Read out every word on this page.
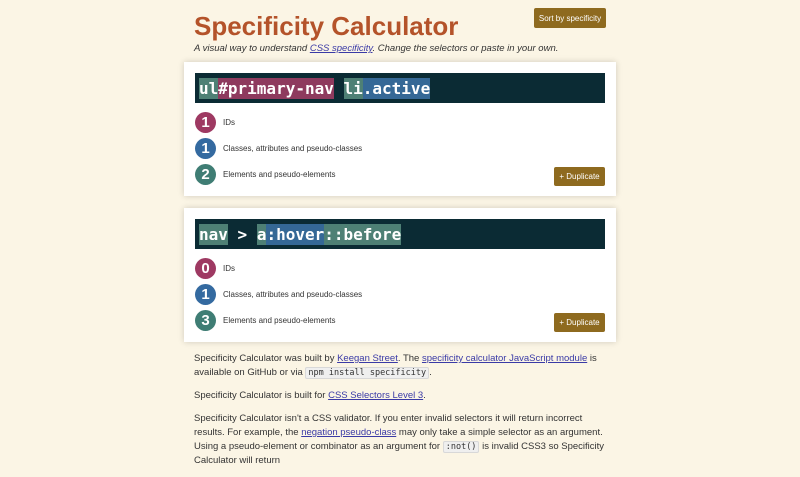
Specificity Calculator
A visual way to understand CSS specificity. Change the selectors or paste in your own.
Sort by specificity
ul #primary-nav
li .active
1	IDs
1	Classes, attributes and pseudo-classes
2	Elements and pseudo-elements	+ Duplicate
nav > a :hover ::before
0	IDs
1	Classes, attributes and pseudo-classes
3	Elements and pseudo-elements	+ Duplicate

Specificity Calculator was built by Keegan Street. The specificity calculator JavaScript module is available on GitHub or via npm install specificity .

Specificity Calculator is built for CSS Selectors Level 3.

Specificity Calculator isn't a CSS validator. If you enter invalid selectors it will return incorrect results. For example, the negation pseudo-class may only take a simple selector as an argument. Using a pseudo-element or combinator as an argument for :not() is invalid CSS3 so Specificity Calculator will return
